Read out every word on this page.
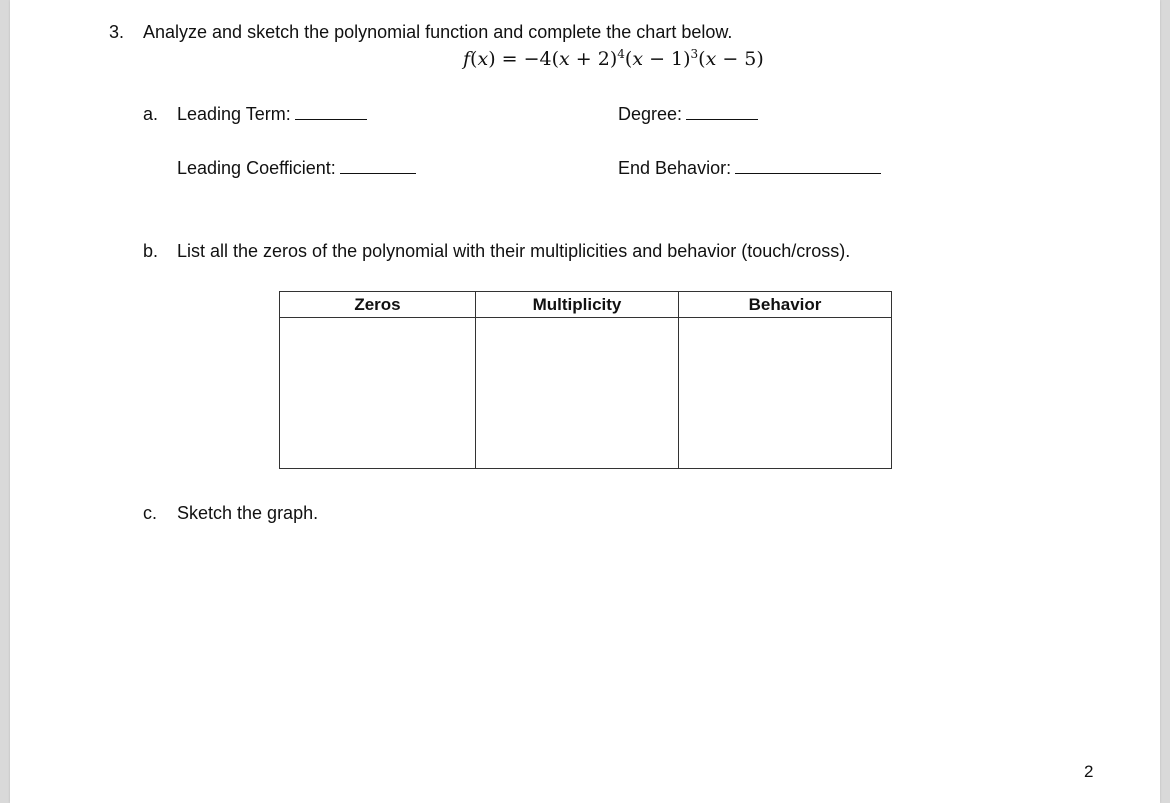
3. Analyze and sketch the polynomial function and complete the chart below.
$f(x) = -4(x + 2)^4(x - 1)^3(x - 5)$
a. Leading Term:	Degree:
Leading Coefficient:	End Behavior:
b. List all the zeros of the polynomial with their multiplicities and behavior (touch/cross).
Zeros	Multiplicity	Behavior

c. Sketch the graph.
2
